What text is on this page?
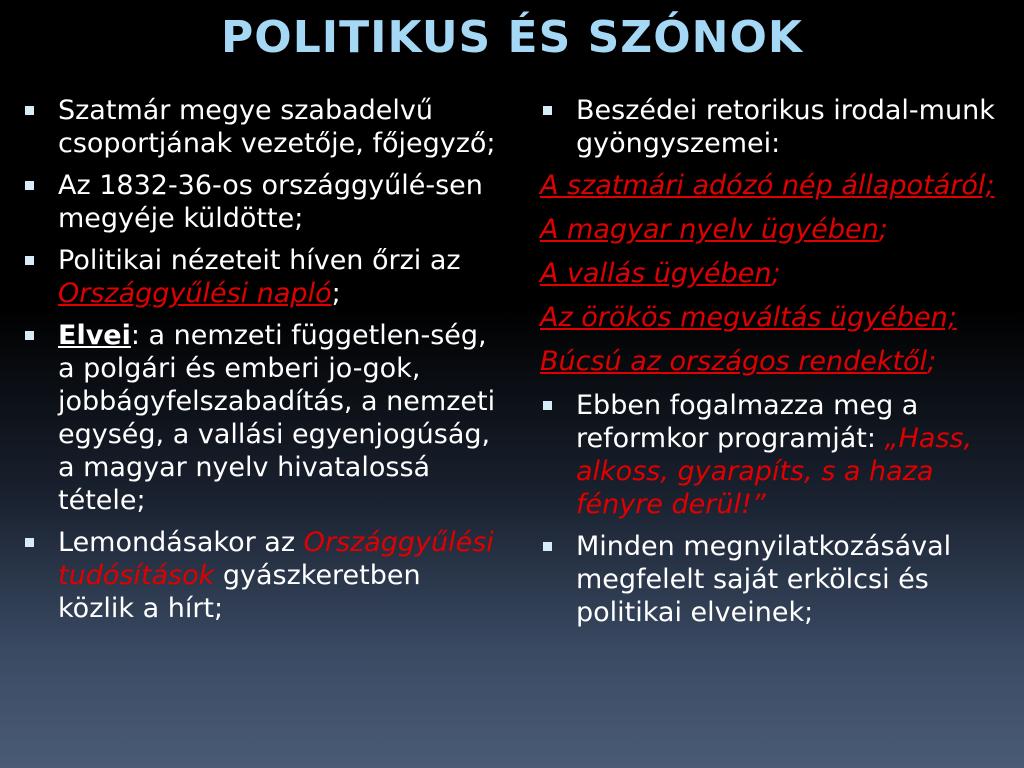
POLITIKUS ÉS SZÓNOK
Szatmár megye szabadelvű csoportjának vezetője, főjegyző;
Az 1832-36-os országgyűlé-sen megyéje küldötte;
Politikai nézeteit híven őrzi az Országgyűlési napló;
Elvei: a nemzeti független-ség, a polgári és emberi jo-gok, jobbágyfelszabadítás, a nemzeti egység, a vallási egyenjogúság, a magyar nyelv hivatalossá tétele;
Lemondásakor az Országgyűlési tudósítások gyászkeretben közlik a hírt;
Beszédei retorikus irodal-munk gyöngyszemei:
A szatmári adózó nép állapotáról;
A magyar nyelv ügyében;
A vallás ügyében;
Az örökös megváltás ügyében;
Búcsú az országos rendektől;
Ebben fogalmazza meg a reformkor programját: „Hass, alkoss, gyarapíts, s a haza fényre derül!”
Minden megnyilatkozásával megfelelt saját erkölcsi és politikai elveinek;
